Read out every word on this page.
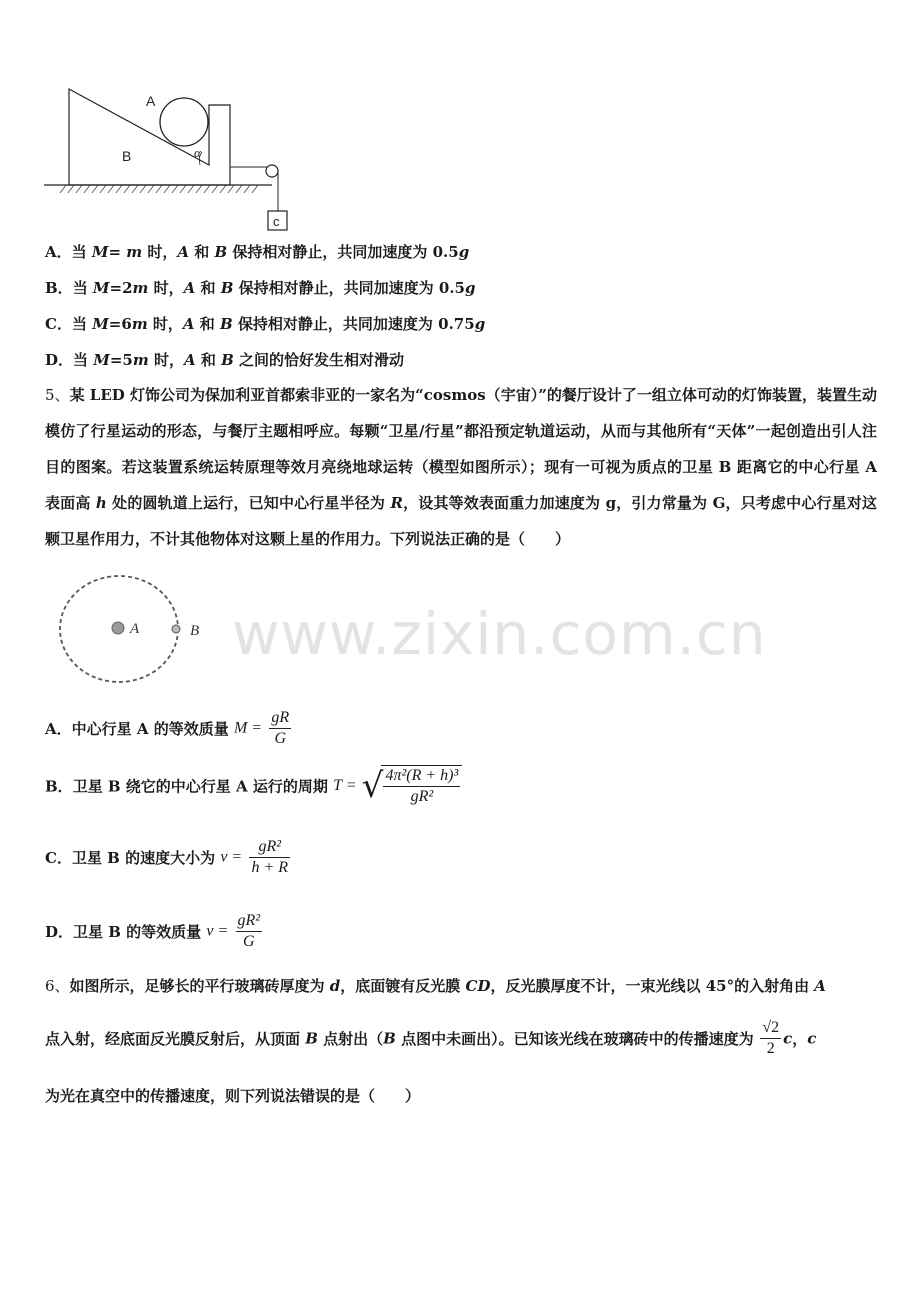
A
B	α
c
A．当 M= m 时，A 和 B 保持相对静止，共同加速度为 0.5g
B．当 M=2m 时，A 和 B 保持相对静止，共同加速度为 0.5g
C．当 M=6m 时，A 和 B 保持相对静止，共同加速度为 0.75g
D．当 M=5m 时，A 和 B 之间的恰好发生相对滑动
5、某 LED 灯饰公司为保加利亚首都索非亚的一家名为“cosmos（宇宙）”的餐厅设计了一组立体可动的灯饰装置，装置生动模仿了行星运动的形态，与餐厅主题相呼应。每颗“卫星/行星”都沿预定轨道运动，从而与其他所有“天体”一起创造出引人注目的图案。若这装置系统运转原理等效月亮绕地球运转（模型如图所示）；现有一可视为质点的卫星 B 距离它的中心行星 A 表面高 h 处的圆轨道上运行，已知中心行星半径为 R，设其等效表面重力加速度为 g，引力常量为 G，只考虑中心行星对这颗卫星作用力，不计其他物体对这颗上星的作用力。下列说法正确的是（　　）
A	B www.zixin.com.cn
A．中心行星 A 的等效质量 $M = \frac{gR}{G}$
B．卫星 B 绕它的中心行星 A 运行的周期 T = √ $\frac{\text{4π²(R + h)³}}{\text{gR²}}$
C．卫星 B 的速度大小为 $v = \frac{\text{gR²}}{h + R}$
D．卫星 B 的等效质量 $v = \frac{\text{gR²}}{G}$
6、如图所示，足够长的平行玻璃砖厚度为 d，底面镀有反光膜 CD，反光膜厚度不计，一束光线以 45°的入射角由 A
点入射，经底面反光膜反射后，从顶面 B 点射出（B 点图中未画出）。已知该光线在玻璃砖中的传播速度为 $\frac{√2}{2}$ c，c
为光在真空中的传播速度，则下列说法错误的是（　　）
